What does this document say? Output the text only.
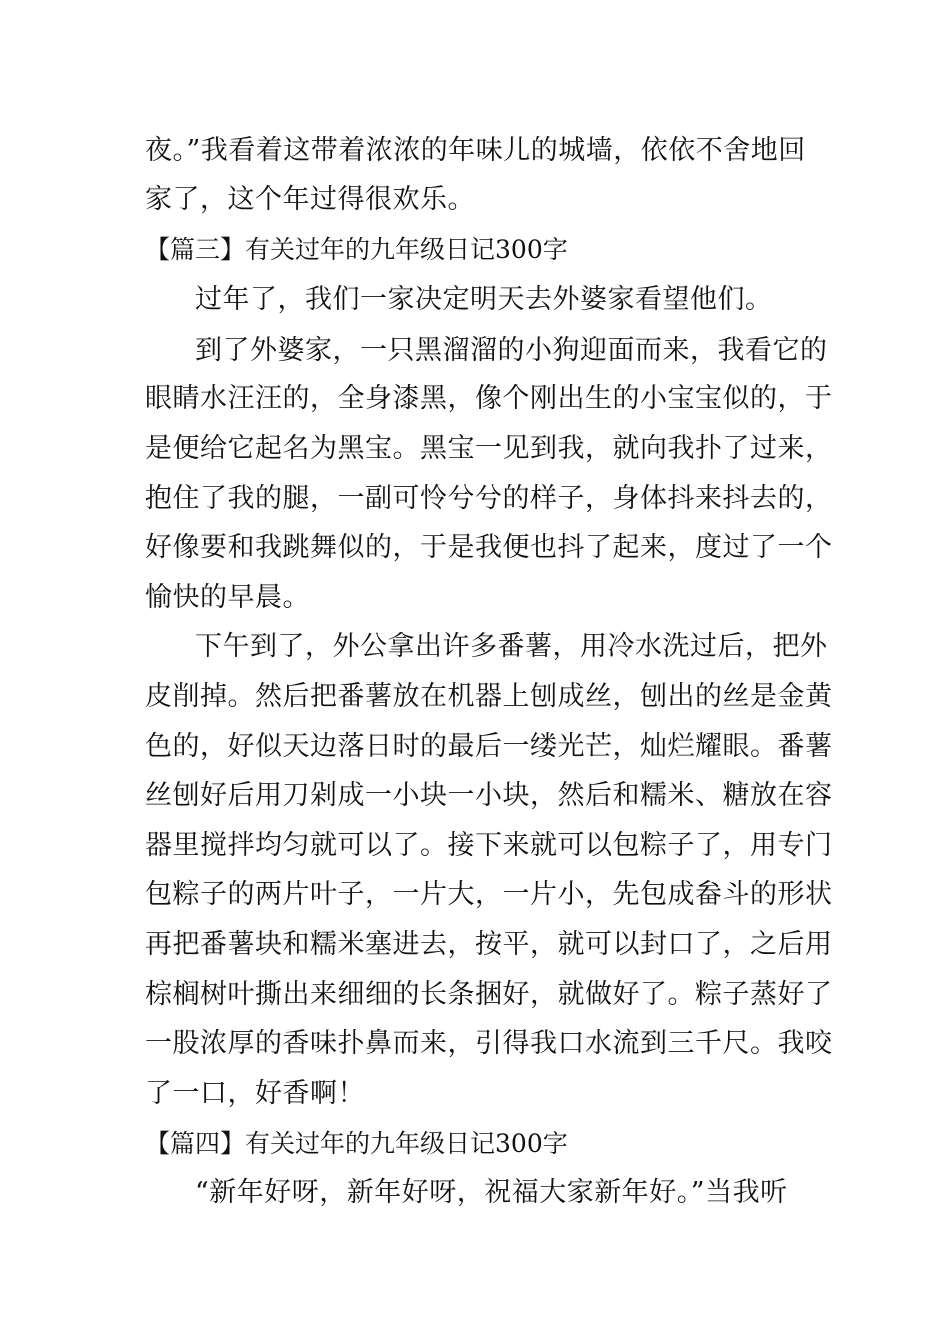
夜。”我看着这带着浓浓的年味儿的城墙，依依不舍地回
家了，这个年过得很欢乐。
【篇三】有关过年的九年级日记300字
过年了，我们一家决定明天去外婆家看望他们。
到了外婆家，一只黑溜溜的小狗迎面而来，我看它的
眼睛水汪汪的，全身漆黑，像个刚出生的小宝宝似的，于
是便给它起名为黑宝。黑宝一见到我，就向我扑了过来，
抱住了我的腿，一副可怜兮兮的样子，身体抖来抖去的，
好像要和我跳舞似的，于是我便也抖了起来，度过了一个
愉快的早晨。
下午到了，外公拿出许多番薯，用冷水洗过后，把外
皮削掉。然后把番薯放在机器上刨成丝，刨出的丝是金黄
色的，好似天边落日时的最后一缕光芒，灿烂耀眼。番薯
丝刨好后用刀剁成一小块一小块，然后和糯米、糖放在容
器里搅拌均匀就可以了。接下来就可以包粽子了，用专门
包粽子的两片叶子，一片大，一片小，先包成畚斗的形状
再把番薯块和糯米塞进去，按平，就可以封口了，之后用
棕榈树叶撕出来细细的长条捆好，就做好了。粽子蒸好了
一股浓厚的香味扑鼻而来，引得我口水流到三千尺。我咬
了一口，好香啊！
【篇四】有关过年的九年级日记300字
“新年好呀，新年好呀，祝福大家新年好。”当我听
